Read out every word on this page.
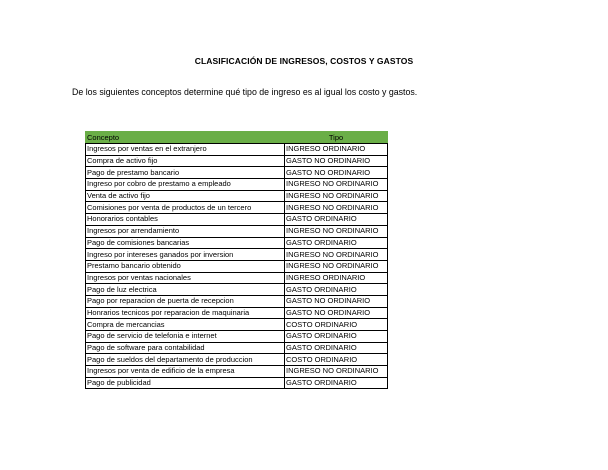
CLASIFICACIÓN DE INGRESOS, COSTOS Y GASTOS
De los siguientes conceptos determine qué tipo de ingreso es al igual los costo y gastos.
Concepto	Tipo
Ingresos por ventas en el extranjero	INGRESO ORDINARIO
Compra de activo fijo	GASTO NO ORDINARIO
Pago de prestamo bancario	GASTO NO ORDINARIO
Ingreso por cobro de prestamo a empleado	INGRESO NO ORDINARIO
Venta de activo fijo	INGRESO NO ORDINARIO
Comisiones por venta de productos de un tercero	INGRESO NO ORDINARIO
Honorarios contables	GASTO ORDINARIO
Ingresos por arrendamiento	INGRESO NO ORDINARIO
Pago de comisiones bancarias	GASTO ORDINARIO
Ingreso por intereses ganados por inversion	INGRESO NO ORDINARIO
Prestamo bancario obtenido	INGRESO NO ORDINARIO
Ingresos por ventas nacionales	INGRESO ORDINARIO
Pago de luz electrica	GASTO ORDINARIO
Pago por reparacion de puerta de recepcion	GASTO NO ORDINARIO
Honrarios tecnicos por reparacion de maquinaria	GASTO NO ORDINARIO
Compra de mercancias	COSTO ORDINARIO
Pago de servicio de telefonia e internet	GASTO ORDINARIO
Pago de software para contabilidad	GASTO ORDINARIO
Pago de sueldos del departamento de produccion	COSTO ORDINARIO
Ingresos por venta de edificio de la empresa	INGRESO NO ORDINARIO
Pago de publicidad	GASTO ORDINARIO
